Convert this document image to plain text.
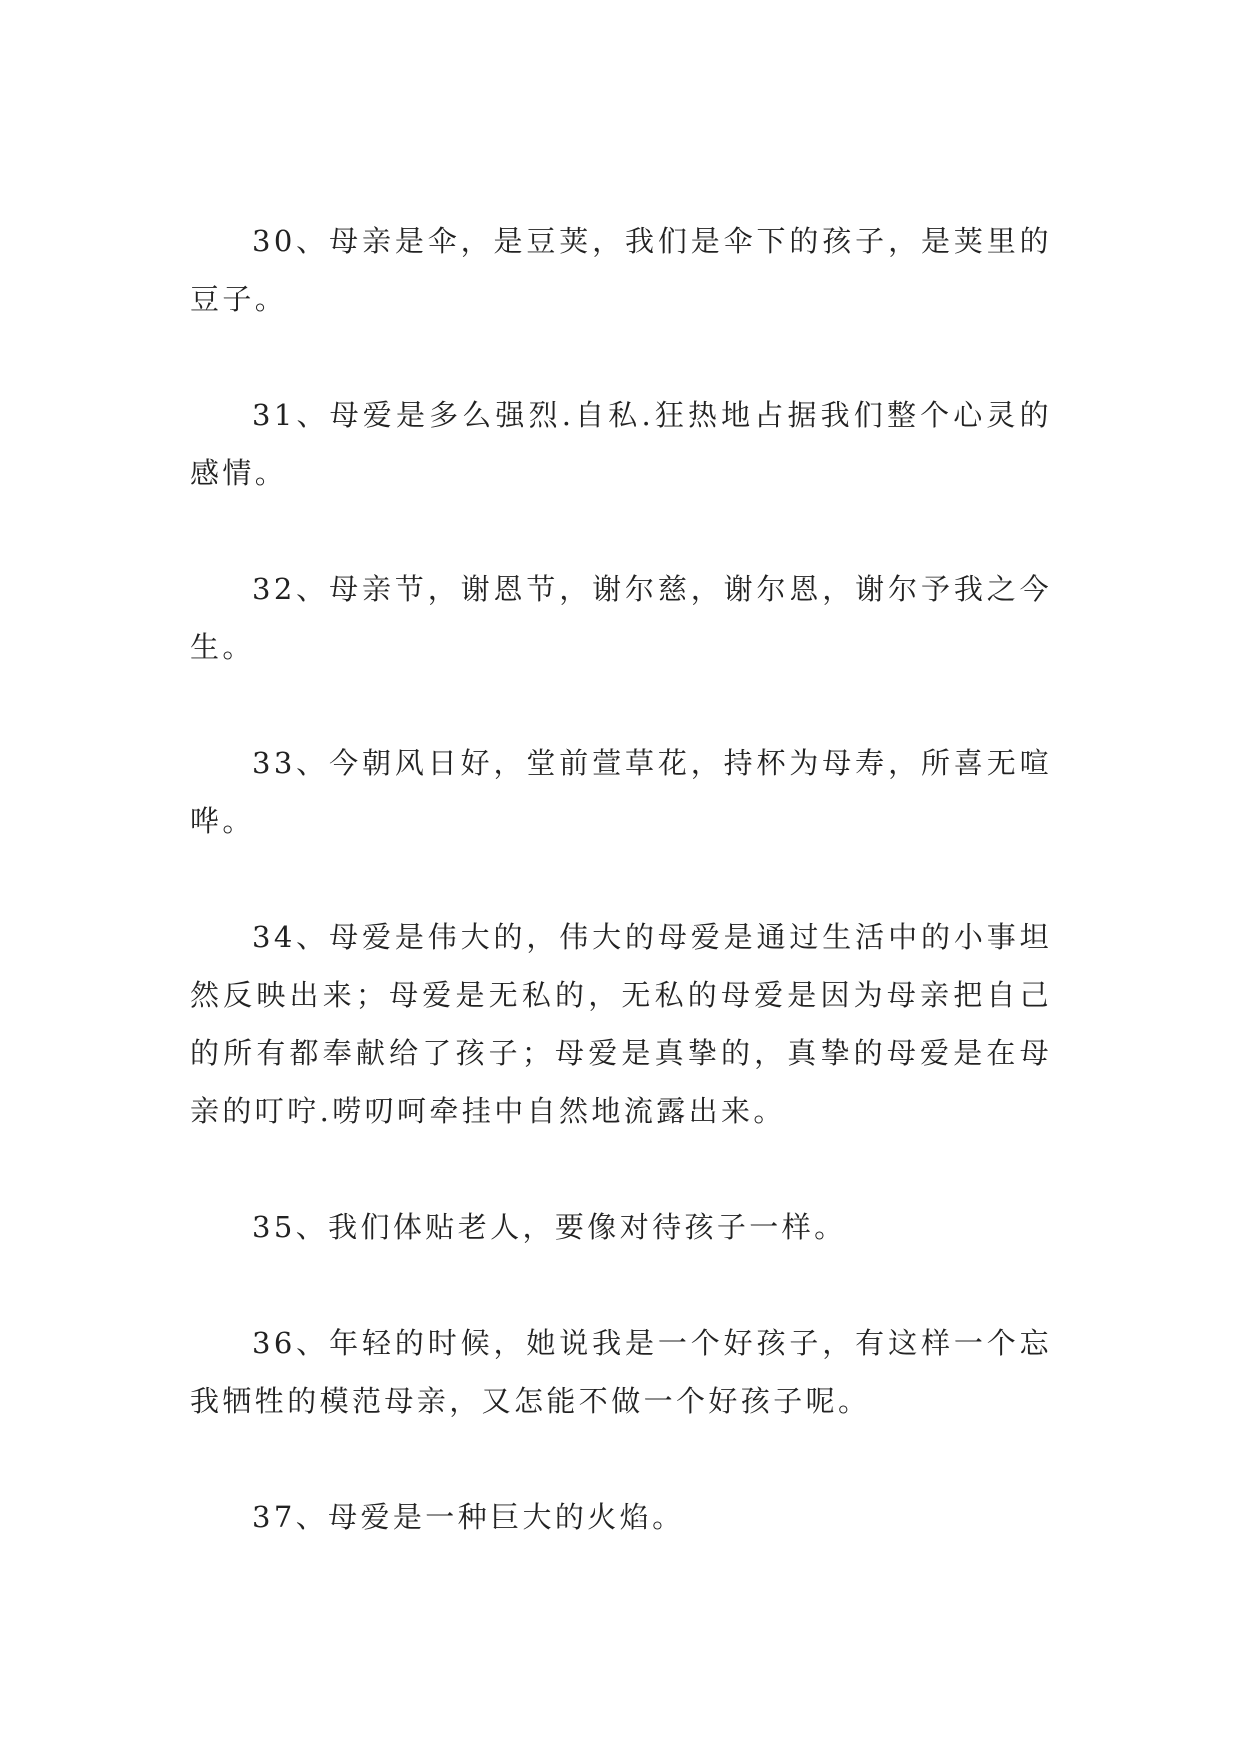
30、母亲是伞，是豆荚，我们是伞下的孩子，是荚里的豆子。

31、母爱是多么强烈.自私.狂热地占据我们整个心灵的感情。

32、母亲节，谢恩节，谢尔慈，谢尔恩，谢尔予我之今生。

33、今朝风日好，堂前萱草花，持杯为母寿，所喜无喧哗。

34、母爱是伟大的，伟大的母爱是通过生活中的小事坦然反映出来；母爱是无私的，无私的母爱是因为母亲把自己的所有都奉献给了孩子；母爱是真挚的，真挚的母爱是在母亲的叮咛.唠叨呵牵挂中自然地流露出来。

35、我们体贴老人，要像对待孩子一样。

36、年轻的时候，她说我是一个好孩子，有这样一个忘我牺牲的模范母亲，又怎能不做一个好孩子呢。

37、母爱是一种巨大的火焰。
